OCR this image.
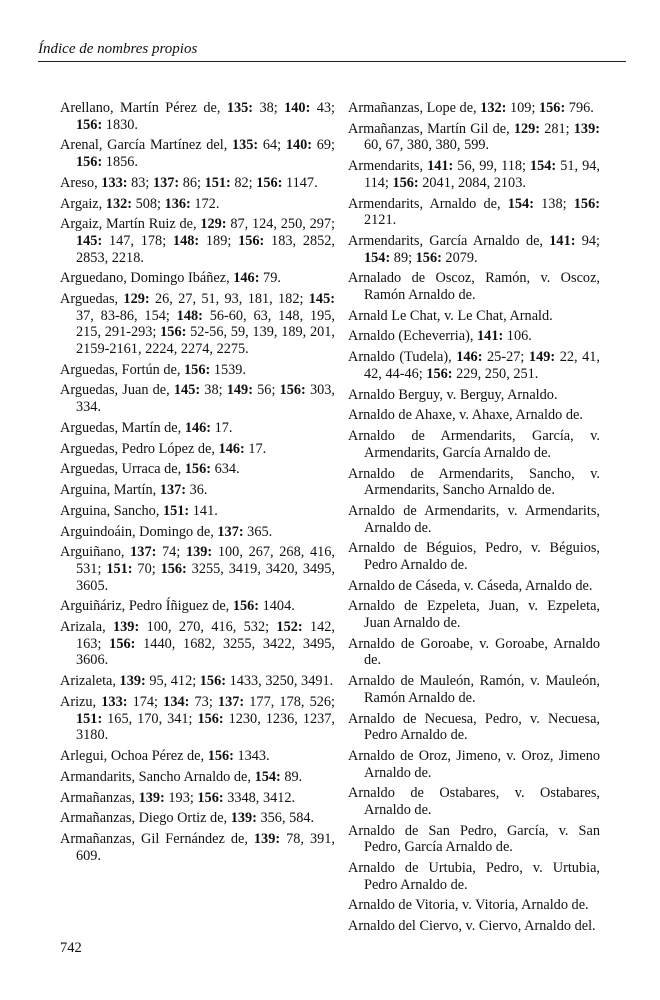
Índice de nombres propios

Arellano, Martín Pérez de, 135: 38; 140: 43; 156: 1830.

Arenal, García Martínez del, 135: 64; 140: 69; 156: 1856.

Areso, 133: 83; 137: 86; 151: 82; 156: 1147.

Argaiz, 132: 508; 136: 172.

Argaiz, Martín Ruiz de, 129: 87, 124, 250, 297; 145: 147, 178; 148: 189; 156: 183, 2852, 2853, 2218.

Arguedano, Domingo Ibáñez, 146: 79.

Arguedas, 129: 26, 27, 51, 93, 181, 182; 145: 37, 83-86, 154; 148: 56-60, 63, 148, 195, 215, 291-293; 156: 52-56, 59, 139, 189, 201, 2159-2161, 2224, 2274, 2275.

Arguedas, Fortún de, 156: 1539.

Arguedas, Juan de, 145: 38; 149: 56; 156: 303, 334.

Arguedas, Martín de, 146: 17.

Arguedas, Pedro López de, 146: 17.

Arguedas, Urraca de, 156: 634.

Arguina, Martín, 137: 36.

Arguina, Sancho, 151: 141.

Arguindoáin, Domingo de, 137: 365.

Arguiñano, 137: 74; 139: 100, 267, 268, 416, 531; 151: 70; 156: 3255, 3419, 3420, 3495, 3605.

Arguiñáriz, Pedro Íñiguez de, 156: 1404.

Arizala, 139: 100, 270, 416, 532; 152: 142, 163; 156: 1440, 1682, 3255, 3422, 3495, 3606.

Arizaleta, 139: 95, 412; 156: 1433, 3250, 3491.

Arizu, 133: 174; 134: 73; 137: 177, 178, 526; 151: 165, 170, 341; 156: 1230, 1236, 1237, 3180.

Arlegui, Ochoa Pérez de, 156: 1343.

Armandarits, Sancho Arnaldo de, 154: 89.

Armañanzas, 139: 193; 156: 3348, 3412.

Armañanzas, Diego Ortiz de, 139: 356, 584.

Armañanzas, Gil Fernández de, 139: 78, 391, 609.

Armañanzas, Lope de, 132: 109; 156: 796.

Armañanzas, Martín Gil de, 129: 281; 139: 60, 67, 380, 380, 599.

Armendarits, 141: 56, 99, 118; 154: 51, 94, 114; 156: 2041, 2084, 2103.

Armendarits, Arnaldo de, 154: 138; 156: 2121.

Armendarits, García Arnaldo de, 141: 94; 154: 89; 156: 2079.

Arnalado de Oscoz, Ramón, v. Oscoz, Ramón Arnaldo de.

Arnald Le Chat, v. Le Chat, Arnald.

Arnaldo (Echeverria), 141: 106.

Arnaldo (Tudela), 146: 25-27; 149: 22, 41, 42, 44-46; 156: 229, 250, 251.

Arnaldo Berguy, v. Berguy, Arnaldo.

Arnaldo de Ahaxe, v. Ahaxe, Arnaldo de.

Arnaldo de Armendarits, García, v. Armendarits, García Arnaldo de.

Arnaldo de Armendarits, Sancho, v. Armendarits, Sancho Arnaldo de.

Arnaldo de Armendarits, v. Armendarits, Arnaldo de.

Arnaldo de Béguios, Pedro, v. Béguios, Pedro Arnaldo de.

Arnaldo de Cáseda, v. Cáseda, Arnaldo de.

Arnaldo de Ezpeleta, Juan, v. Ezpeleta, Juan Arnaldo de.

Arnaldo de Goroabe, v. Goroabe, Arnaldo de.

Arnaldo de Mauleón, Ramón, v. Mauleón, Ramón Arnaldo de.

Arnaldo de Necuesa, Pedro, v. Necuesa, Pedro Arnaldo de.

Arnaldo de Oroz, Jimeno, v. Oroz, Jimeno Arnaldo de.

Arnaldo de Ostabares, v. Ostabares, Arnaldo de.

Arnaldo de San Pedro, García, v. San Pedro, García Arnaldo de.

Arnaldo de Urtubia, Pedro, v. Urtubia, Pedro Arnaldo de.

Arnaldo de Vitoria, v. Vitoria, Arnaldo de.

Arnaldo del Ciervo, v. Ciervo, Arnaldo del.

742
